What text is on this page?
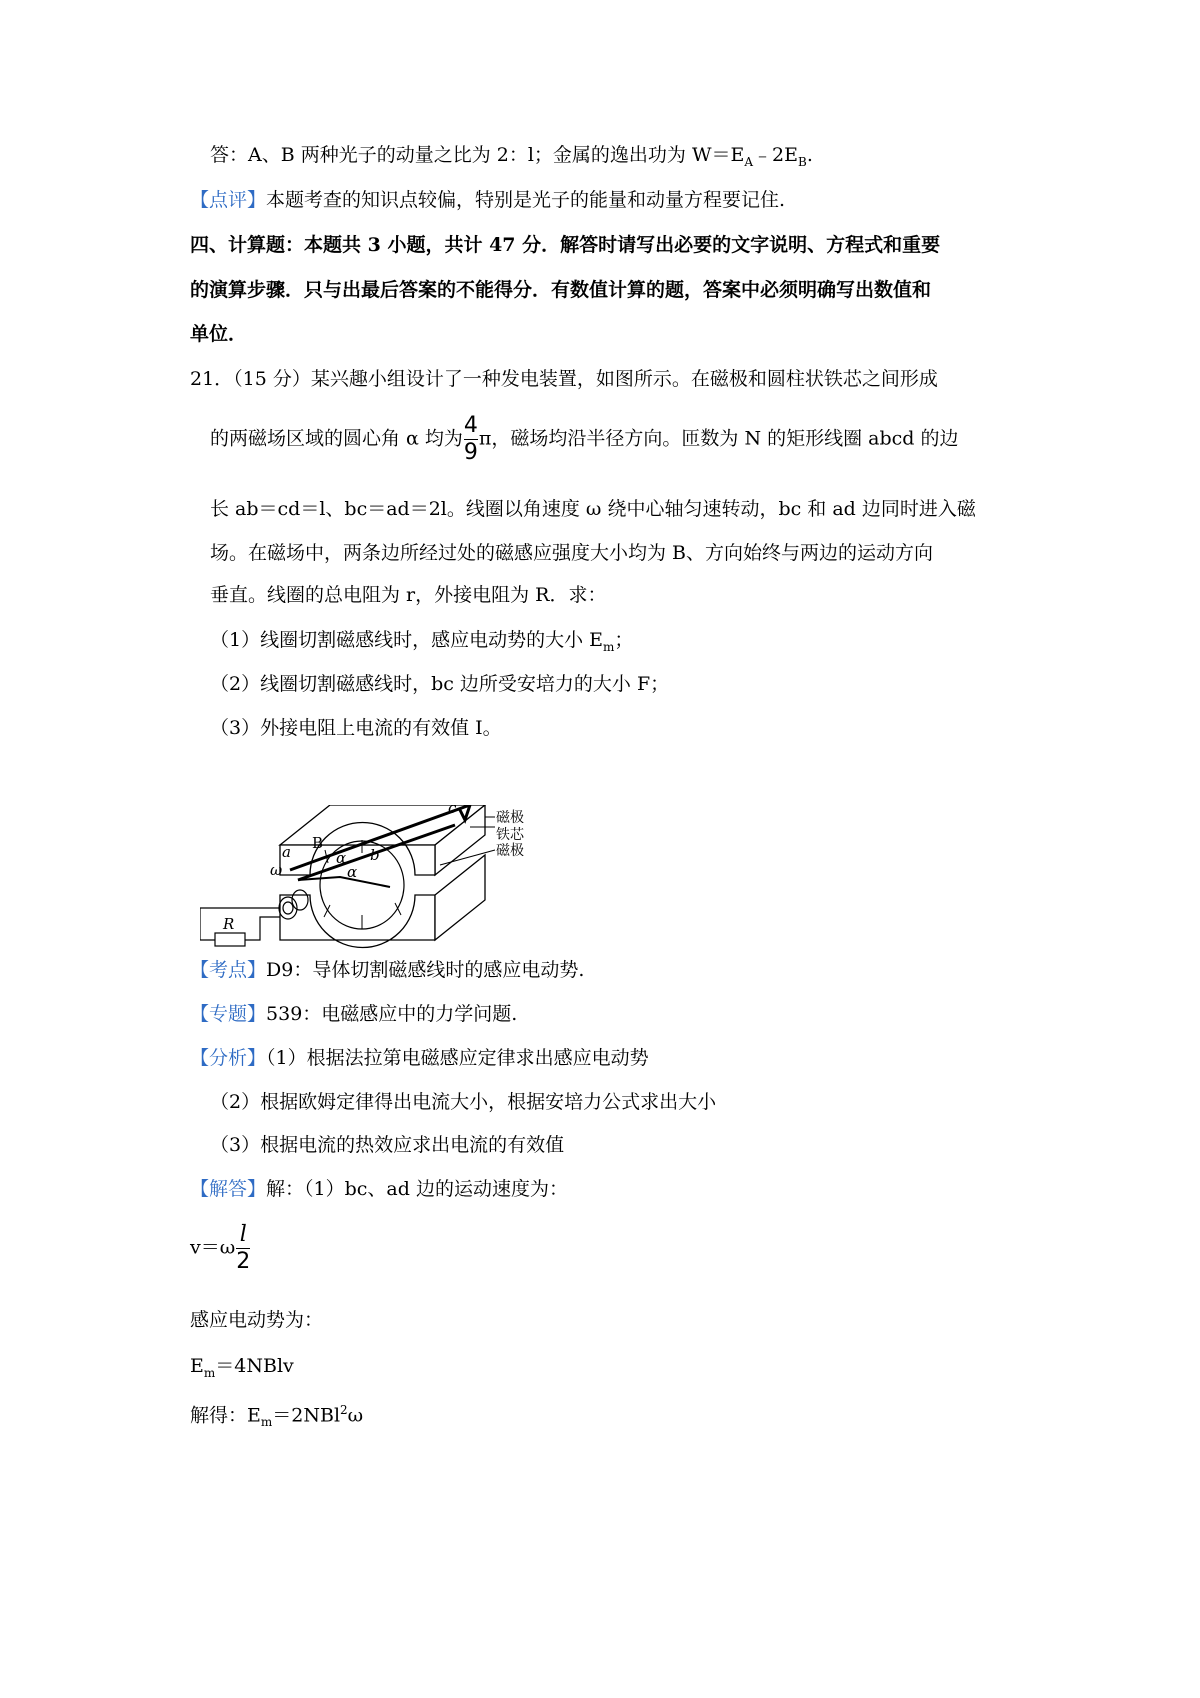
答：A、B 两种光子的动量之比为 2：l；金属的逸出功为 $W=E_A﹣2E_B$.
【点评】本题考查的知识点较偏，特别是光子的能量和动量方程要记住.
四、计算题：本题共 3 小题，共计 47 分．解答时请写出必要的文字说明、方程式和重要
的演算步骤．只与出最后答案的不能得分．有数值计算的题，答案中必须明确写出数值和
单位．
21．（15 分）某兴趣小组设计了一种发电装置，如图所示。在磁极和圆柱状铁芯之间形成
的两磁场区域的圆心角 α 均为 $\frac{4}{9}$ π，磁场均沿半径方向。匝数为 N 的矩形线圈 abcd 的边
长 ab＝cd＝l、bc＝ad＝2l。线圈以角速度 ω 绕中心轴匀速转动，bc 和 ad 边同时进入磁
场。在磁场中，两条边所经过处的磁感应强度大小均为 B、方向始终与两边的运动方向
垂直。线圈的总电阻为 r，外接电阻为 R．求：
（1）线圈切割磁感线时，感应电动势的大小 $E_m$；
（2）线圈切割磁感线时，bc 边所受安培力的大小 F；
（3）外接电阻上电流的有效值 I。
磁极
铁芯
磁极
a	b
c
B
α
α
ω
R
【考点】D9：导体切割磁感线时的感应电动势.
【专题】539：电磁感应中的力学问题.
【分析】（1）根据法拉第电磁感应定律求出感应电动势
（2）根据欧姆定律得出电流大小，根据安培力公式求出大小
（3）根据电流的热效应求出电流的有效值
【解答】解：（1）bc、ad 边的运动速度为：
$v=\omega \frac{l}{2}$
感应电动势为：
$E_m=4NBlv$
解得：$E_m=2NBl^2\omega$
